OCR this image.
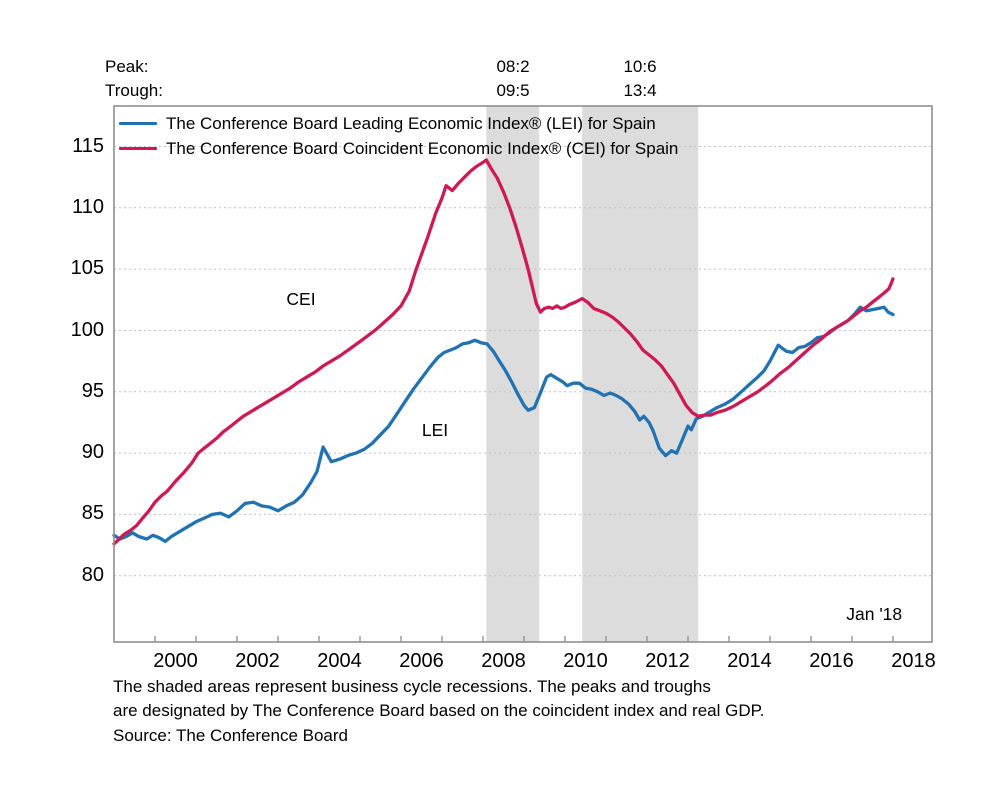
Peak:	08:2	10:6
Trough:	09:5	13:4
The Conference Board Leading Economic Index® (LEI) for Spain
The Conference Board Coincident Economic Index® (CEI) for Spain
The shaded areas represent business cycle recessions. The peaks and troughs
are designated by The Conference Board based on the coincident index and real GDP.
Source: The Conference Board
80
85
90
95
100
105
110
115
2000 2002 2004 2006 2008 2010 2012 2014 2016 2018
CEI
LEI
Jan '18
